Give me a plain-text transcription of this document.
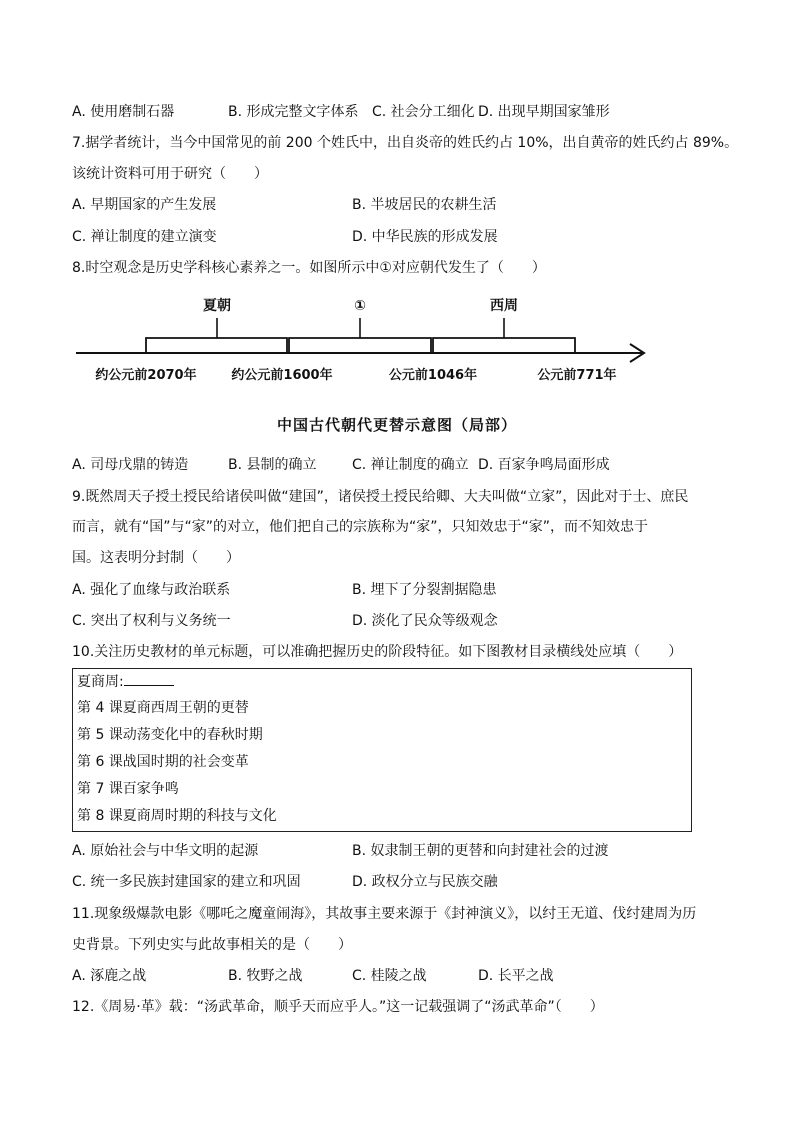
A. 使用磨制石器	B. 形成完整文字体系 C. 社会分工细化 D. 出现早期国家雏形
7.据学者统计，当今中国常见的前 200 个姓氏中，出自炎帝的姓氏约占 10%，出自黄帝的姓氏约占 89%。
该统计资料可用于研究（　　）
A. 早期国家的产生发展	B. 半坡居民的农耕生活
C. 禅让制度的建立演变	D. 中华民族的形成发展
8.时空观念是历史学科核心素养之一。如图所示中①对应朝代发生了（　　）
夏朝	①	西周
约公元前2070年	约公元前1600年	公元前1046年	公元前771年
中国古代朝代更替示意图（局部）
A. 司母戊鼎的铸造	B. 县制的确立	C. 禅让制度的确立 D. 百家争鸣局面形成
9.既然周天子授土授民给诸侯叫做“建国”，诸侯授土授民给卿、大夫叫做“立家”，因此对于士、庶民
而言，就有“国”与“家”的对立，他们把自己的宗族称为“家”，只知效忠于“家”，而不知效忠于
国。这表明分封制（　　）
A. 强化了血缘与政治联系	B. 埋下了分裂割据隐患
C. 突出了权利与义务统一	D. 淡化了民众等级观念
10.关注历史教材的单元标题，可以准确把握历史的阶段特征。如下图教材目录横线处应填（　　）
夏商周:
第 4 课夏商西周王朝的更替
第 5 课动荡变化中的春秋时期
第 6 课战国时期的社会变革
第 7 课百家争鸣
第 8 课夏商周时期的科技与文化
A. 原始社会与中华文明的起源	B. 奴隶制王朝的更替和向封建社会的过渡
C. 统一多民族封建国家的建立和巩固	D. 政权分立与民族交融
11.现象级爆款电影《哪吒之魔童闹海》，其故事主要来源于《封神演义》，以纣王无道、伐纣建周为历
史背景。下列史实与此故事相关的是（　　）
A. 涿鹿之战	B. 牧野之战	C. 桂陵之战	D. 长平之战
12.《周易·革》载：“汤武革命，顺乎天而应乎人。”这一记载强调了“汤武革命”（　　）
